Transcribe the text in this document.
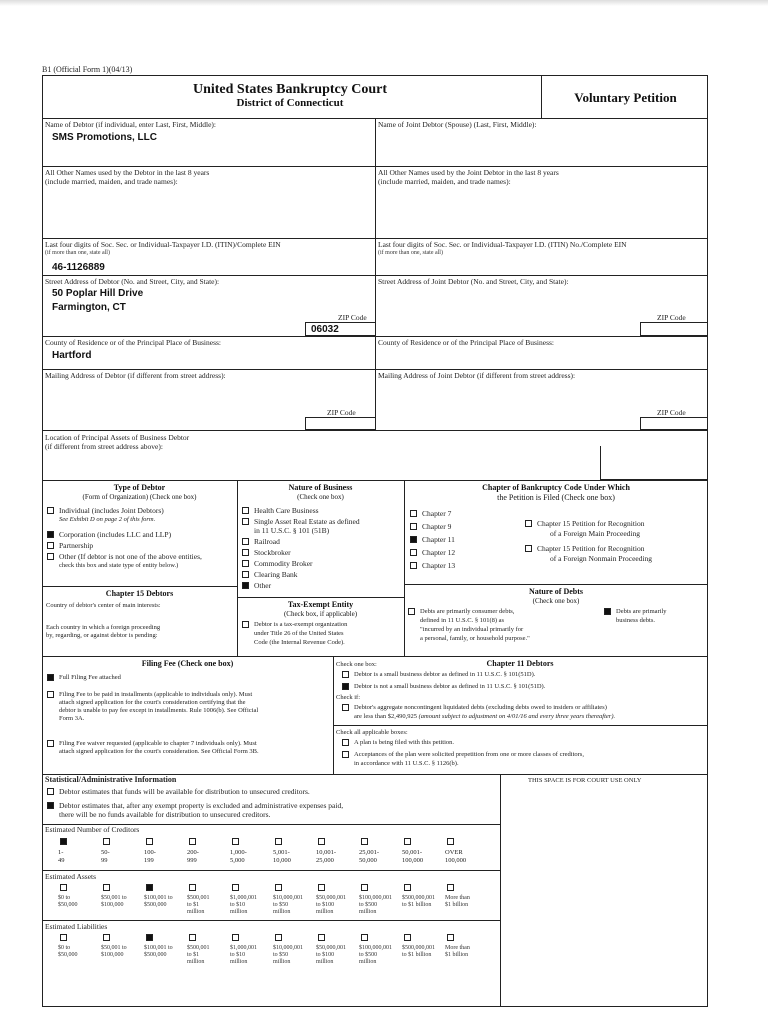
B1 (Official Form 1)(04/13)
United States Bankruptcy Court
District of Connecticut	Voluntary Petition
Name of Debtor (if individual, enter Last, First, Middle):
SMS Promotions, LLC
Name of Joint Debtor (Spouse) (Last, First, Middle):
All Other Names used by the Debtor in the last 8 years
(include married, maiden, and trade names):
All Other Names used by the Joint Debtor in the last 8 years
(include married, maiden, and trade names):
Last four digits of Soc. Sec. or Individual-Taxpayer I.D. (ITIN)/Complete EIN
(if more than one, state all)
46-1126889
Last four digits of Soc. Sec. or Individual-Taxpayer I.D. (ITIN) No./Complete EIN
(if more than one, state all)
Street Address of Debtor (No. and Street, City, and State):
50 Poplar Hill Drive
Farmington, CT
ZIP Code
06032
Street Address of Joint Debtor (No. and Street, City, and State):
ZIP Code
County of Residence or of the Principal Place of Business:
Hartford
County of Residence or of the Principal Place of Business:
Mailing Address of Debtor (if different from street address):
ZIP Code
Mailing Address of Joint Debtor (if different from street address):
ZIP Code
Location of Principal Assets of Business Debtor
(if different from street address above):
Type of Debtor
(Form of Organization) (Check one box)
Chapter 15 Debtors
Country of debtor's center of main interests:
Each country in which a foreign proceeding
by, regarding, or against debtor is pending:
Nature of Business
(Check one box)
Tax-Exempt Entity
(Check box, if applicable)
Debtor is a tax-exempt organization
under Title 26 of the United States
Code (the Internal Revenue Code).
Chapter of Bankruptcy Code Under Which
the Petition is Filed (Check one box)
Nature of Debts
(Check one box)
Debts are primarily consumer debts,
defined in 11 U.S.C. § 101(8) as
"incurred by an individual primarily for
a personal, family, or household purpose."
Debts are primarily
business debts.
Filing Fee (Check one box)
Full Filing Fee attached
Filing Fee to be paid in installments (applicable to individuals only). Must
attach signed application for the court's consideration certifying that the
debtor is unable to pay fee except in installments. Rule 1006(b). See Official
Form 3A.
Filing Fee waiver requested (applicable to chapter 7 individuals only). Must
attach signed application for the court's consideration. See Official Form 3B.
Chapter 11 Debtors
Check one box:
Debtor is a small business debtor as defined in 11 U.S.C. § 101(51D).
Debtor is not a small business debtor as defined in 11 U.S.C. § 101(51D).
Check if:
Debtor's aggregate noncontingent liquidated debts (excluding debts owed to insiders or affiliates)
are less than $2,490,925 (amount subject to adjustment on 4/01/16 and every three years thereafter).
Check all applicable boxes:
A plan is being filed with this petition.
Acceptances of the plan were solicited prepetition from one or more classes of creditors,
in accordance with 11 U.S.C. § 1126(b).
Statistical/Administrative Information	THIS SPACE IS FOR COURT USE ONLY
Debtor estimates that funds will be available for distribution to unsecured creditors.
Debtor estimates that, after any exempt property is excluded and administrative expenses paid,
there will be no funds available for distribution to unsecured creditors.
Estimated Number of Creditors
Estimated Assets
Estimated Liabilities
Individual (includes Joint Debtors)
See Exhibit D on page 2 of this form.
Corporation (includes LLC and LLP)
Partnership
Other (If debtor is not one of the above entities,
check this box and state type of entity below.)
Health Care Business
Single Asset Real Estate as defined
in 11 U.S.C. § 101 (51B)
Railroad
Stockbroker
Commodity Broker
Clearing Bank
Other
Chapter 7
Chapter 9
Chapter 11
Chapter 12
Chapter 13
Chapter 15 Petition for Recognition
of a Foreign Main Proceeding
Chapter 15 Petition for Recognition
of a Foreign Nonmain Proceeding
1-
49
50-
99
100-
199
200-
999
1,000-
5,000
5,001-
10,000
10,001-
25,000
25,001-
50,000
50,001-
100,000
OVER
100,000
$0 to
$50,000
$50,001 to
$100,000
$100,001 to
$500,000
$500,001
to $1
million
$1,000,001
to $10
million
$10,000,001
to $50
million
$50,000,001
to $100
million
$100,000,001
to $500
million
$500,000,001
to $1 billion
More than
$1 billion
$0 to
$50,000
$50,001 to
$100,000
$100,001 to
$500,000
$500,001
to $1
million
$1,000,001
to $10
million
$10,000,001
to $50
million
$50,000,001
to $100
million
$100,000,001
to $500
million
$500,000,001
to $1 billion
More than
$1 billion
